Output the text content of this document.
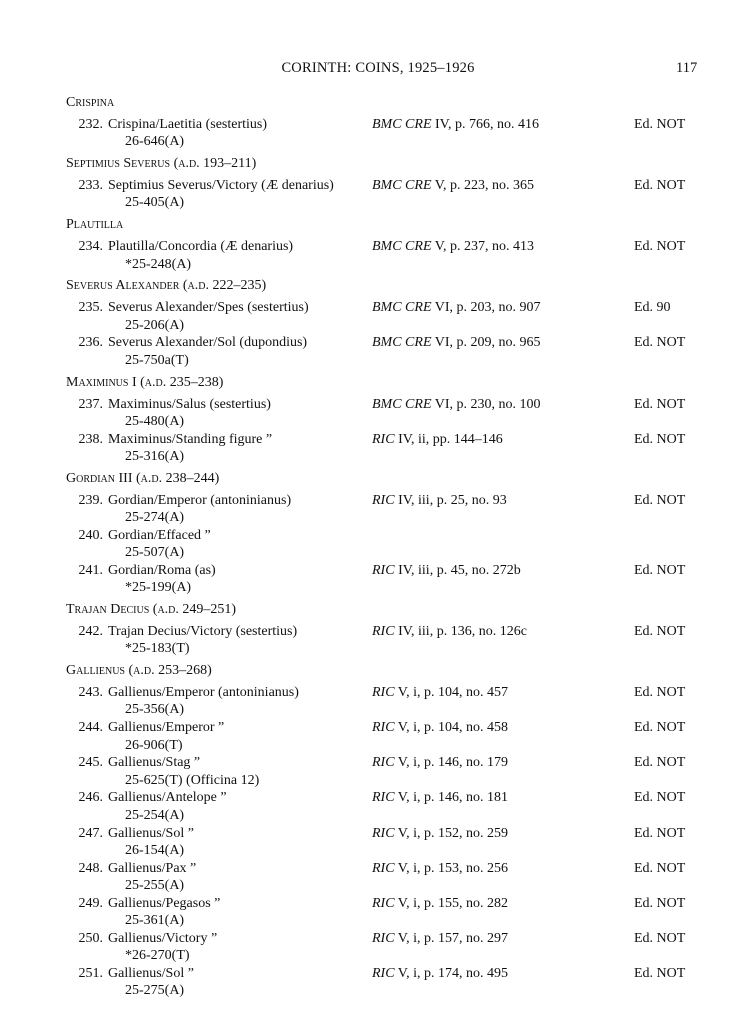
CORINTH: COINS, 1925–1926	117
Crispina
232. Crispina/Laetitia (sestertius)
26-646(A)
BMC CRE IV, p. 766, no. 416	Ed. NOT
Septimius Severus (a.d. 193–211)
233. Septimius Severus/Victory (Æ denarius)
25-405(A)
BMC CRE V, p. 223, no. 365	Ed. NOT
Plautilla
234. Plautilla/Concordia (Æ denarius)
*25-248(A)
BMC CRE V, p. 237, no. 413	Ed. NOT
Severus Alexander (a.d. 222–235)
235. Severus Alexander/Spes (sestertius)
25-206(A)
BMC CRE VI, p. 203, no. 907	Ed. 90
236. Severus Alexander/Sol (dupondius)
25-750a(T)
BMC CRE VI, p. 209, no. 965	Ed. NOT
Maximinus I (a.d. 235–238)
237. Maximinus/Salus (sestertius)
25-480(A)
BMC CRE VI, p. 230, no. 100	Ed. NOT
238. Maximinus/Standing figure ”
25-316(A)
RIC IV, ii, pp. 144–146	Ed. NOT
Gordian III (a.d. 238–244)
239. Gordian/Emperor (antoninianus)
25-274(A)
RIC IV, iii, p. 25, no. 93	Ed. NOT
240. Gordian/Effaced ”
25-507(A)
241. Gordian/Roma (as)
*25-199(A)
RIC IV, iii, p. 45, no. 272b	Ed. NOT
Trajan Decius (a.d. 249–251)
242. Trajan Decius/Victory (sestertius)
*25-183(T)
RIC IV, iii, p. 136, no. 126c	Ed. NOT
Gallienus (a.d. 253–268)
243. Gallienus/Emperor (antoninianus)
25-356(A)
RIC V, i, p. 104, no. 457	Ed. NOT
244. Gallienus/Emperor ”
26-906(T)
RIC V, i, p. 104, no. 458	Ed. NOT
245. Gallienus/Stag ”
25-625(T) (Officina 12)
RIC V, i, p. 146, no. 179	Ed. NOT
246. Gallienus/Antelope ”
25-254(A)
RIC V, i, p. 146, no. 181	Ed. NOT
247. Gallienus/Sol ”
26-154(A)
RIC V, i, p. 152, no. 259	Ed. NOT
248. Gallienus/Pax ”
25-255(A)
RIC V, i, p. 153, no. 256	Ed. NOT
249. Gallienus/Pegasos ”
25-361(A)
RIC V, i, p. 155, no. 282	Ed. NOT
250. Gallienus/Victory ”
*26-270(T)
RIC V, i, p. 157, no. 297	Ed. NOT
251. Gallienus/Sol ”
25-275(A)
RIC V, i, p. 174, no. 495	Ed. NOT
